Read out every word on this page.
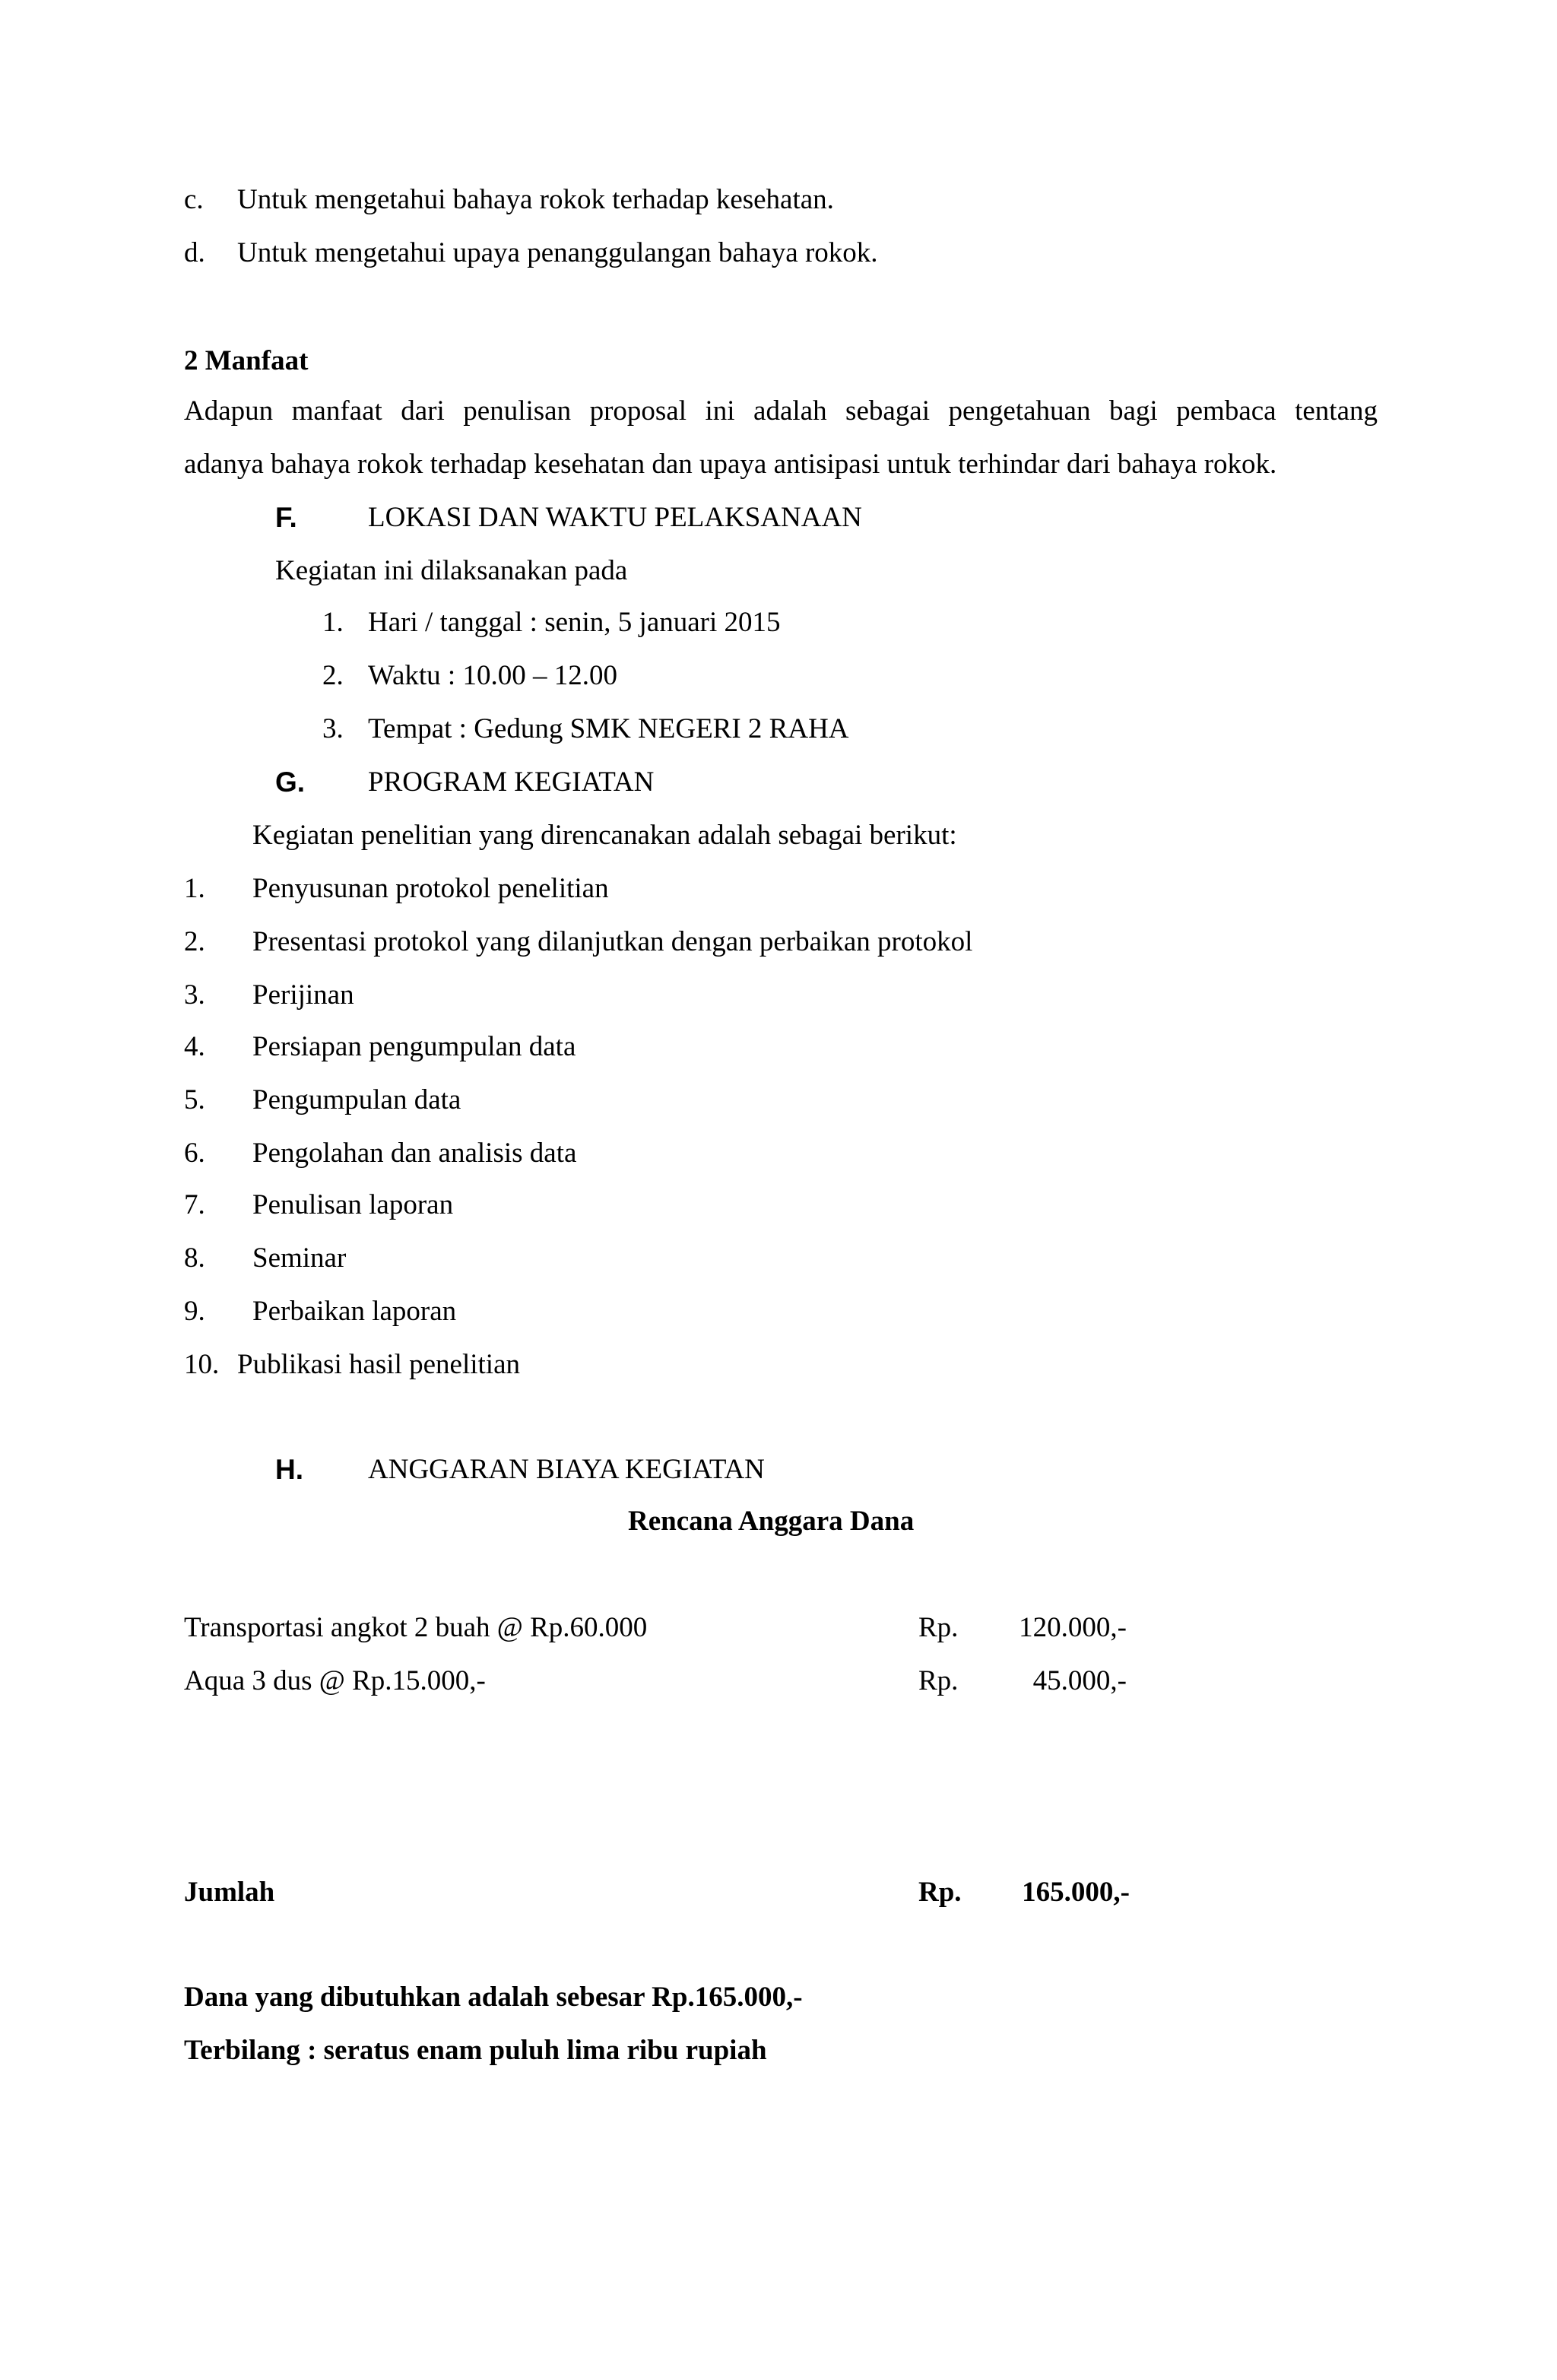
c. Untuk mengetahui bahaya rokok terhadap kesehatan.
d. Untuk mengetahui upaya penanggulangan bahaya rokok.
2 Manfaat
Adapun manfaat dari penulisan proposal ini adalah sebagai pengetahuan bagi pembaca tentang
adanya bahaya rokok terhadap kesehatan dan upaya antisipasi untuk terhindar dari bahaya rokok.
F.	LOKASI DAN WAKTU PELAKSANAAN
Kegiatan ini dilaksanakan pada
1. Hari / tanggal : senin, 5 januari 2015
2. Waktu : 10.00 – 12.00
3. Tempat : Gedung SMK NEGERI 2 RAHA
G. PROGRAM KEGIATAN
Kegiatan penelitian yang direncanakan adalah sebagai berikut:
1. Penyusunan protokol penelitian
2. Presentasi protokol yang dilanjutkan dengan perbaikan protokol
3. Perijinan
4. Persiapan pengumpulan data
5. Pengumpulan data
6. Pengolahan dan analisis data
7. Penulisan laporan
8. Seminar
9. Perbaikan laporan
10. Publikasi hasil penelitian
H. ANGGARAN BIAYA KEGIATAN
Rencana Anggara Dana
Transportasi angkot 2 buah @ Rp.60.000	Rp.	120.000,-
Aqua 3 dus @ Rp.15.000,-	Rp.	45.000,-
Jumlah	Rp.	165.000,-
Dana yang dibutuhkan adalah sebesar Rp.165.000,-
Terbilang : seratus enam puluh lima ribu rupiah
